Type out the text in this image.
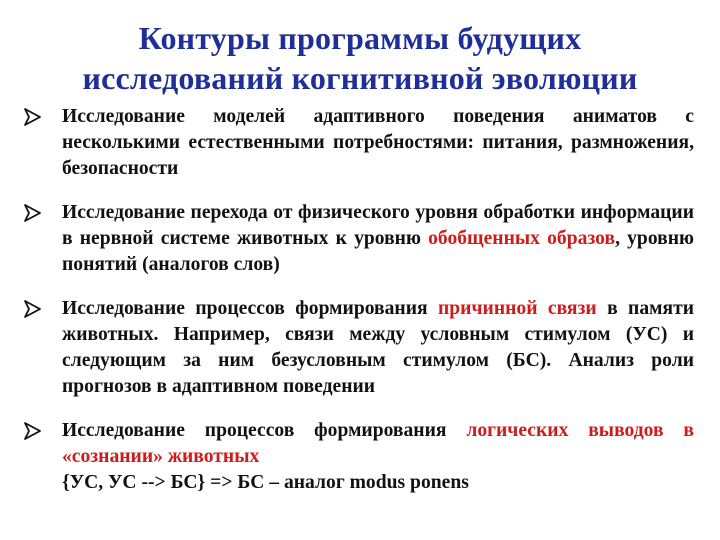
Контуры программы будущих
исследований когнитивной эволюции
Исследование моделей адаптивного поведения аниматов с несколькими естественными потребностями: питания, размножения, безопасности
Исследование перехода от физического уровня обработки информации в нервной системе животных к уровню обобщенных образов, уровню понятий (аналогов слов)
Исследование процессов формирования причинной связи в памяти животных. Например, связи между условным стимулом (УС) и следующим за ним безусловным стимулом (БС). Анализ роли прогнозов в адаптивном поведении
Исследование процессов формирования логических выводов в «сознании» животных
{УС, УС --> БС} => БС – аналог modus ponens
